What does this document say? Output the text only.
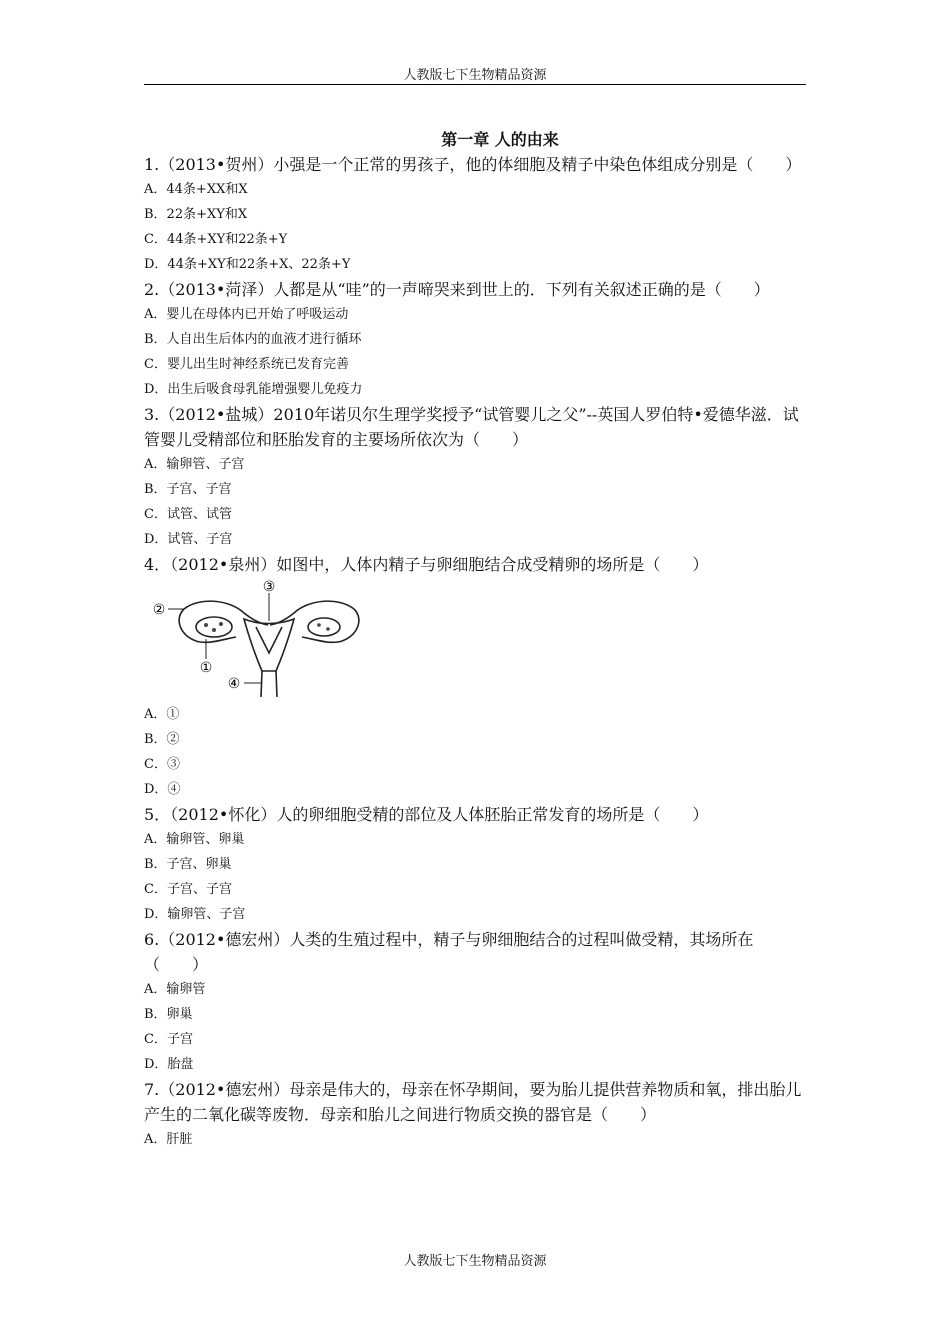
人教版七下生物精品资源
第一章 人的由来
1.（2013•贺州）小强是一个正常的男孩子，他的体细胞及精子中染色体组成分别是（　　）
A．44条+XX和X
B．22条+XY和X
C．44条+XY和22条+Y
D．44条+XY和22条+X、22条+Y
2.（2013•菏泽）人都是从“哇”的一声啼哭来到世上的．下列有关叙述正确的是（　　）
A．婴儿在母体内已开始了呼吸运动
B．人自出生后体内的血液才进行循环
C．婴儿出生时神经系统已发育完善
D．出生后吸食母乳能增强婴儿免疫力
3.（2012•盐城）2010年诺贝尔生理学奖授予“试管婴儿之父”--英国人罗伯特•爱德华滋．试管婴儿受精部位和胚胎发育的主要场所依次为（　　）
A．输卵管、子宫
B．子宫、子宫
C．试管、试管
D．试管、子宫
4．（2012•泉州）如图中，人体内精子与卵细胞结合成受精卵的场所是（　　）
②
③
①
④
A．①
B．②
C．③
D．④
5．（2012•怀化）人的卵细胞受精的部位及人体胚胎正常发育的场所是（　　）
A．输卵管、卵巢
B．子宫、卵巢
C．子宫、子宫
D．输卵管、子宫
6.（2012•德宏州）人类的生殖过程中，精子与卵细胞结合的过程叫做受精，其场所在（　　）
A．输卵管
B．卵巢
C．子宫
D．胎盘
7.（2012•德宏州）母亲是伟大的，母亲在怀孕期间，要为胎儿提供营养物质和氧，排出胎儿产生的二氧化碳等废物．母亲和胎儿之间进行物质交换的器官是（　　）
A．肝脏
人教版七下生物精品资源
